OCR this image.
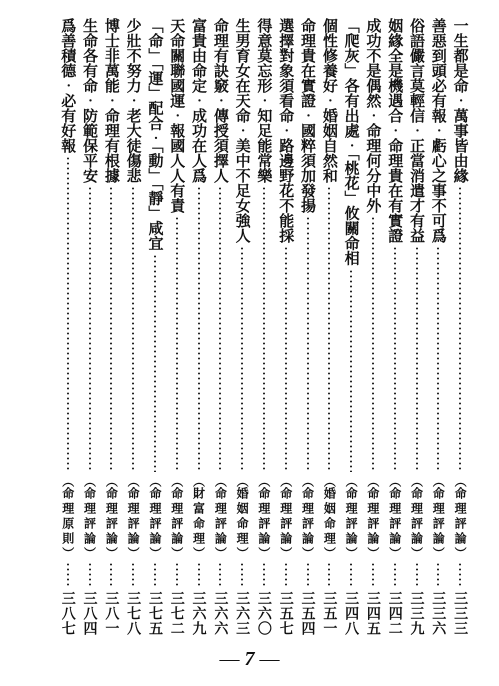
一生都是命‧萬事皆由緣
︵ 命理評論 ︶
三三三
善惡到頭必有報‧虧心之事不可爲
︵ 命理評論 ︶
三三六
俗語儼言莫輕信‧正當消遣才有益
︵ 命理評論 ︶
三三九
姻緣全是機遇合‧命理貴在有實證
︵ 命理評論 ︶
三四二
成功不是偶然‧命理何分中外
︵ 命理評論 ︶
三四五
「爬灰」各有出處‧「桃花」攸關命相
︵ 命理評論 ︶
三四八
個性修養好‧婚姻自然和
︵ 婚姻命理 ︶
三五一
命理貴在實證‧國粹須加發揚
︵ 命理評論 ︶
三五四
選擇對象須看命‧路邊野花不能採
︵ 命理評論 ︶
三五七
得意莫忘形‧知足能常樂
︵ 命理評論 ︶
三六〇
生男育女在天命‧美中不足女強人
︵ 婚姻命理 ︶
三六三
命理有訣竅‧傳授須擇人
︵ 命理評論 ︶
三六六
富貴由命定‧成功在人爲
︵ 財富命理 ︶
三六九
天命關聯國運‧報國人人有責
︵ 命理評論 ︶
三七二
「命」「運」配合‧「動」「靜」咸宜
︵ 命理評論 ︶
三七五
少壯不努力‧老大徒傷悲
︵ 命理評論 ︶
三七八
博士非萬能‧命理有根據
︵ 命理評論 ︶
三八一
生命各有命‧防範保平安
︵ 命理評論 ︶
三八四
爲善積德‧必有好報
︵ 命理原則 ︶
三八七
— 7 —
